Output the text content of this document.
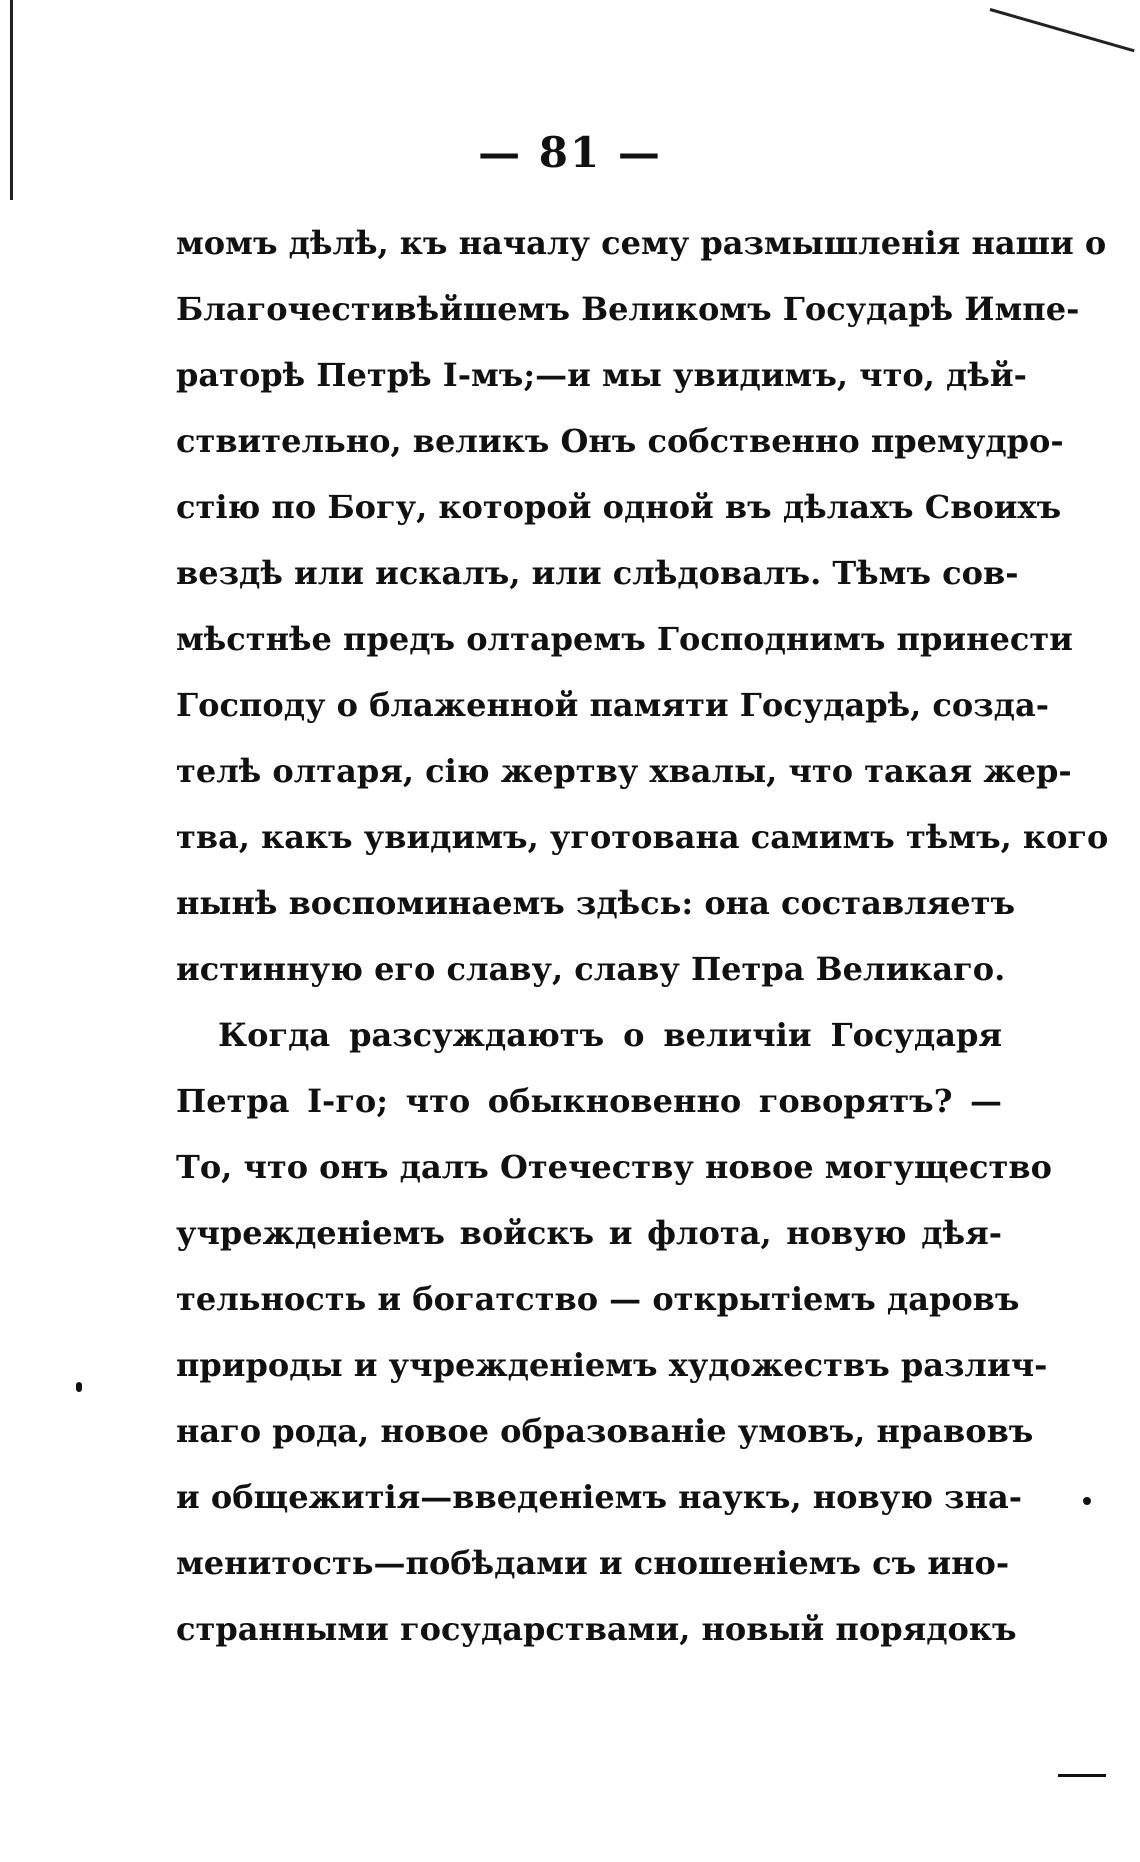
— 81 —
момъ дѣлѣ, къ началу сему размышленія наши о
Благочестивѣйшемъ Великомъ Государѣ Импе-
раторѣ Петрѣ I-мъ;—и мы увидимъ, что, дѣй-
ствительно, великъ Онъ собственно премудро-
стію по Богу, которой одной въ дѣлахъ Своихъ
вездѣ или искалъ, или слѣдовалъ. Тѣмъ сов-
мѣстнѣе предъ олтаремъ Господнимъ принести
Господу о блаженной памяти Государѣ, созда-
телѣ олтаря, сію жертву хвалы, что такая жер-
тва, какъ увидимъ, уготована самимъ тѣмъ, кого
нынѣ воспоминаемъ здѣсь: она составляетъ
истинную его славу, славу Петра Великаго.
Когда разсуждаютъ о величіи Государя
Петра I-го; что обыкновенно говорятъ? —
То, что онъ далъ Отечеству новое могущество
учрежденіемъ войскъ и флота, новую дѣя-
тельность и богатство — открытіемъ даровъ
природы и учрежденіемъ художествъ различ-
наго рода, новое образованіе умовъ, нравовъ
и общежитія—введеніемъ наукъ, новую зна-
менитость—побѣдами и сношеніемъ съ ино-
странными государствами, новый порядокъ
